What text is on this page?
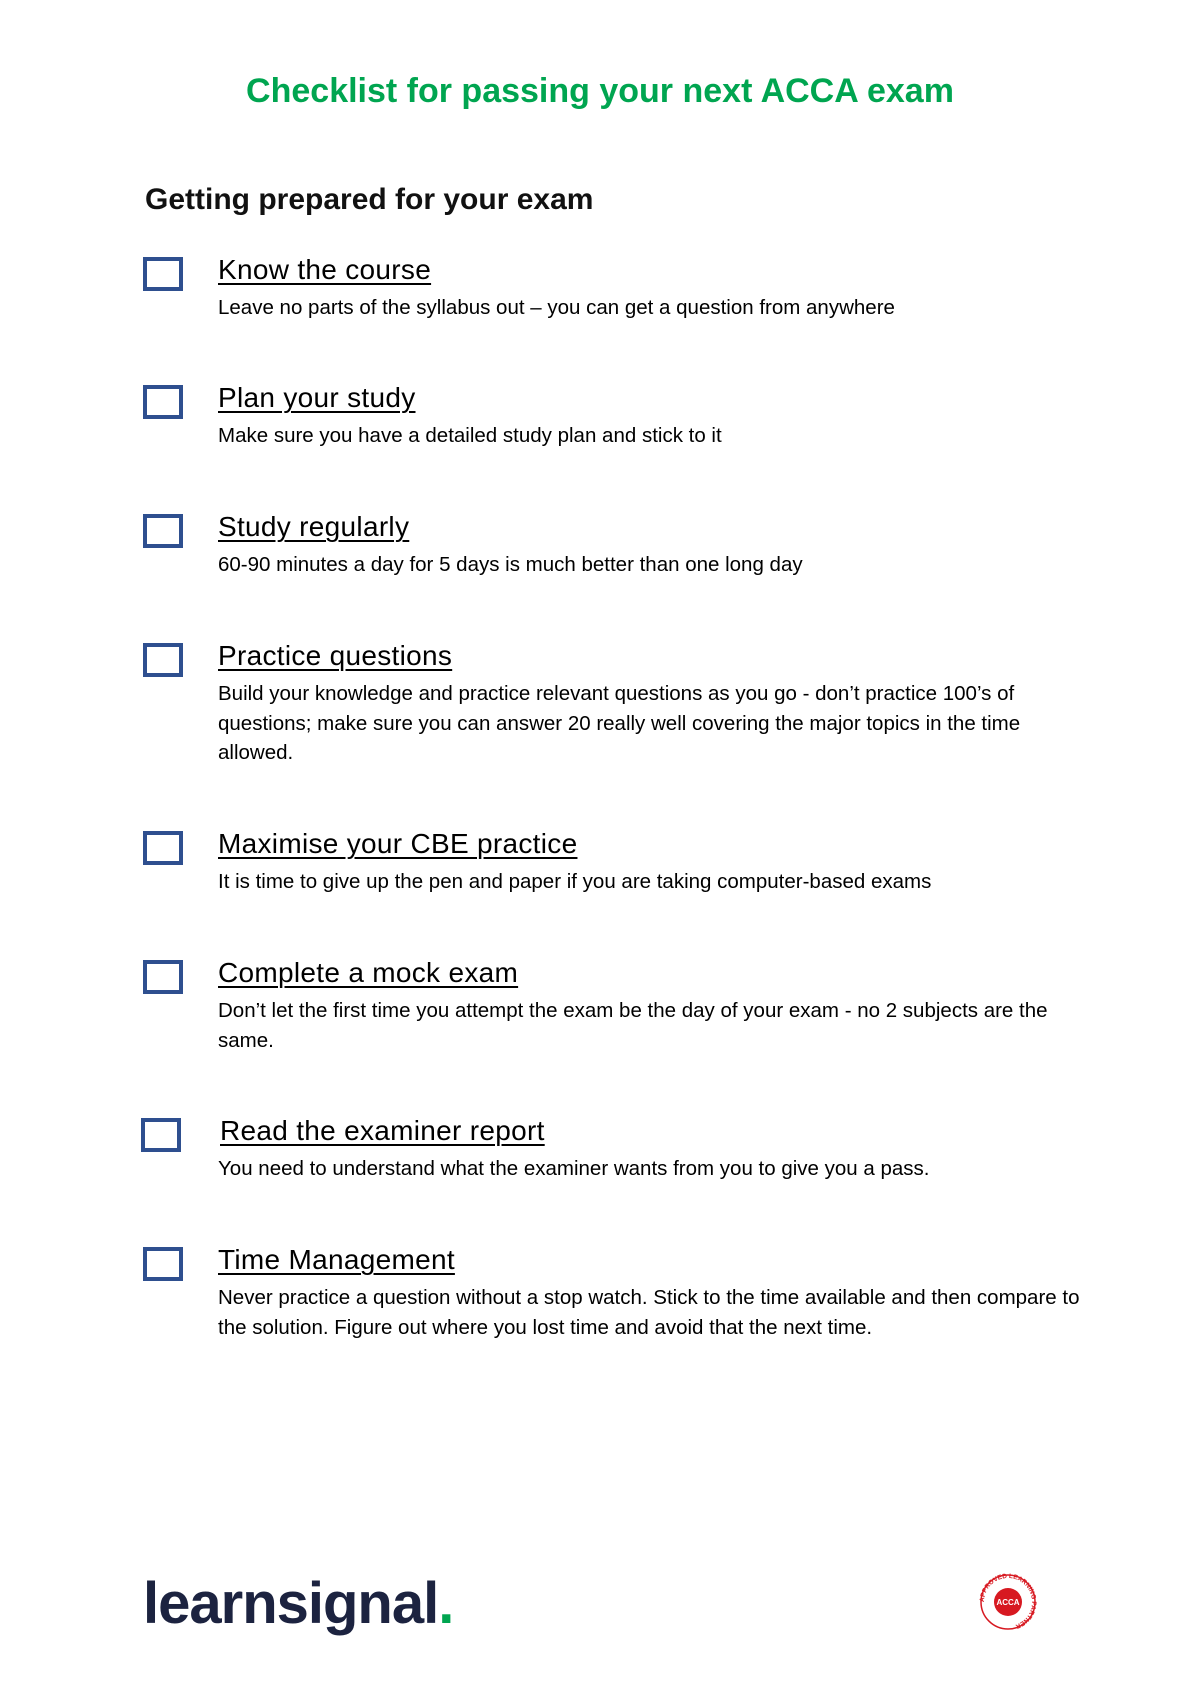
Checklist for passing your next ACCA exam
Getting prepared for your exam
Know the course
Leave no parts of the syllabus out – you can get a question from anywhere
Plan your study
Make sure you have a detailed study plan and stick to it
Study regularly
60-90 minutes a day for 5 days is much better than one long day
Practice questions
Build your knowledge and practice relevant questions as you go - don’t practice 100’s of questions; make sure you can answer 20 really well covering the major topics in the time allowed.
Maximise your CBE practice
It is time to give up the pen and paper if you are taking computer-based exams
Complete a mock exam
Don’t let the first time you attempt the exam be the day of your exam - no 2 subjects are the same.
Read the examiner report
You need to understand what the examiner wants from you to give you a pass.
Time Management
Never practice a question without a stop watch. Stick to the time available and then compare to the solution. Figure out where you lost time and avoid that the next time.
learnsignal.	APPROVED LEARNING PARTNER
ACCA
